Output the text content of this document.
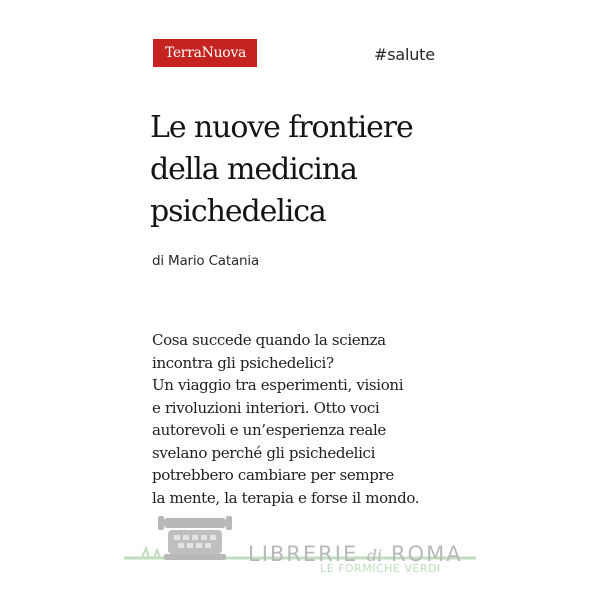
TerraNuova	#salute
Le nuove frontiere
della medicina
psichedelica
di Mario Catania

Cosa succede quando la scienza
incontra gli psichedelici?
Un viaggio tra esperimenti, visioni
e rivoluzioni interiori. Otto voci
autorevoli e un’esperienza reale
svelano perché gli psichedelici
potrebbero cambiare per sempre
la mente, la terapia e forse il mondo.

LIBRERIE di ROMA
LE FORMICHE VERDI
